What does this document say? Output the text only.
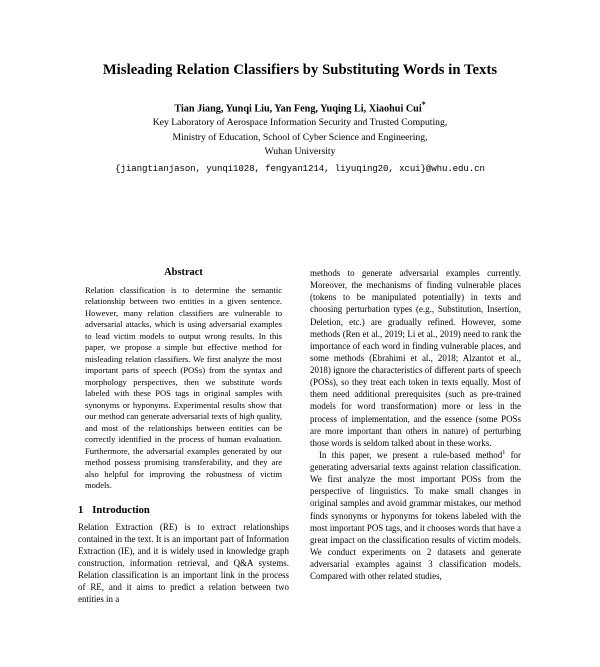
Misleading Relation Classifiers by Substituting Words in Texts
Tian Jiang, Yunqi Liu, Yan Feng, Yuqing Li, Xiaohui Cui*
Key Laboratory of Aerospace Information Security and Trusted Computing,
Ministry of Education, School of Cyber Science and Engineering,
Wuhan University
{jiangtianjason, yunqi1028, fengyan1214, liyuqing20, xcui}@whu.edu.cn
Abstract

Relation classification is to determine the semantic relationship between two entities in a given sentence. However, many relation classifiers are vulnerable to adversarial attacks, which is using adversarial examples to lead victim models to output wrong results. In this paper, we propose a simple but effective method for misleading relation classifiers. We first analyze the most important parts of speech (POSs) from the syntax and morphology perspectives, then we substitute words labeled with these POS tags in original samples with synonyms or hyponyms. Experimental results show that our method can generate adversarial texts of high quality, and most of the relationships between entities can be correctly identified in the process of human evaluation. Furthermore, the adversarial examples generated by our method possess promising transferability, and they are also helpful for improving the robustness of victim models.

1 Introduction

Relation Extraction (RE) is to extract relationships contained in the text. It is an important part of Information Extraction (IE), and it is widely used in knowledge graph construction, information retrieval, and Q&A systems. Relation classification is an important link in the process of RE, and it aims to predict a relation between two entities in a

methods to generate adversarial examples currently. Moreover, the mechanisms of finding vulnerable places (tokens to be manipulated potentially) in texts and choosing perturbation types (e.g., Substitution, Insertion, Deletion, etc.) are gradually refined. However, some methods (Ren et al., 2019; Li et al., 2019) need to rank the importance of each word in finding vulnerable places, and some methods (Ebrahimi et al., 2018; Alzantot et al., 2018) ignore the characteristics of different parts of speech (POSs), so they treat each token in texts equally. Most of them need additional prerequisites (such as pre-trained models for word transformation) more or less in the process of implementation, and the essence (some POSs are more important than others in nature) of perturbing those words is seldom talked about in these works.

In this paper, we present a rule-based method$^1$ for generating adversarial texts against relation classification. We first analyze the most important POSs from the perspective of linguistics. To make small changes in original samples and avoid grammar mistakes, our method finds synonyms or hyponyms for tokens labeled with the most important POS tags, and it chooses words that have a great impact on the classification results of victim models. We conduct experiments on 2 datasets and generate adversarial examples against 3 classification models. Compared with other related studies,
